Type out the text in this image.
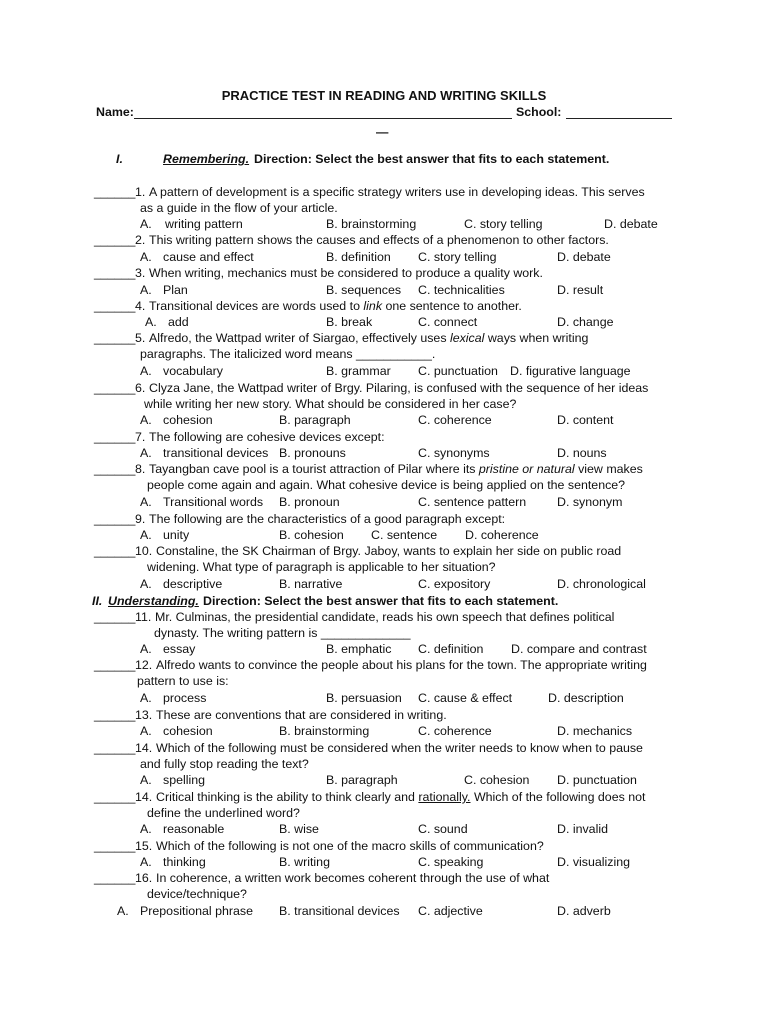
PRACTICE TEST IN READING AND WRITING SKILLS
Name:	School:
—
I.	Remembering. Direction: Select the best answer that fits to each statement.
II. Understanding. Direction: Select the best answer that fits to each statement.
______ 1. A pattern of development is a specific strategy writers use in developing ideas. This serves
as a guide in the flow of your article.
A. writing pattern	B. brainstorming	C. story telling	D. debate
______ 2. This writing pattern shows the causes and effects of a phenomenon to other factors.
A. cause and effect	B. definition C. story telling	D. debate
______ 3. When writing, mechanics must be considered to produce a quality work.
A. Plan	B. sequences C. technicalities	D. result
______ 4. Transitional devices are words used to link one sentence to another.
A. add	B. break	C. connect	D. change
______ 5. Alfredo, the Wattpad writer of Siargao, effectively uses lexical ways when writing
paragraphs. The italicized word means ___________.
A. vocabulary	B. grammar C. punctuation D. figurative language
______ 6. Clyza Jane, the Wattpad writer of Brgy. Pilaring, is confused with the sequence of her ideas
while writing her new story. What should be considered in her case?
A. cohesion	B. paragraph	C. coherence	D. content
______ 7. The following are cohesive devices except:
A. transitional devices B. pronouns	C. synonyms	D. nouns
______ 8. Tayangban cave pool is a tourist attraction of Pilar where its pristine or natural view makes
people come again and again. What cohesive device is being applied on the sentence?
A. Transitional words B. pronoun	C. sentence pattern D. synonym
______ 9. The following are the characteristics of a good paragraph except:
A. unity	B. cohesion C. sentence D. coherence
______ 10. Constaline, the SK Chairman of Brgy. Jaboy, wants to explain her side on public road
widening. What type of paragraph is applicable to her situation?
A. descriptive	B. narrative	C. expository	D. chronological
______ 11. Mr. Culminas, the presidential candidate, reads his own speech that defines political
dynasty. The writing pattern is _____________
A. essay	B. emphatic C. definition D. compare and contrast
______ 12. Alfredo wants to convince the people about his plans for the town. The appropriate writing
pattern to use is:
A. process	B. persuasion C. cause & effect	D. description
______ 13. These are conventions that are considered in writing.
A. cohesion	B. brainstorming	C. coherence	D. mechanics
______ 14. Which of the following must be considered when the writer needs to know when to pause
and fully stop reading the text?
A. spelling	B. paragraph	C. cohesion D. punctuation
______ 14. Critical thinking is the ability to think clearly and rationally. Which of the following does not
define the underlined word?
A. reasonable	B. wise	C. sound	D. invalid
______ 15. Which of the following is not one of the macro skills of communication?
A. thinking	B. writing	C. speaking	D. visualizing
______ 16. In coherence, a written work becomes coherent through the use of what
device/technique?
A. Prepositional phrase B. transitional devices C. adjective	D. adverb
